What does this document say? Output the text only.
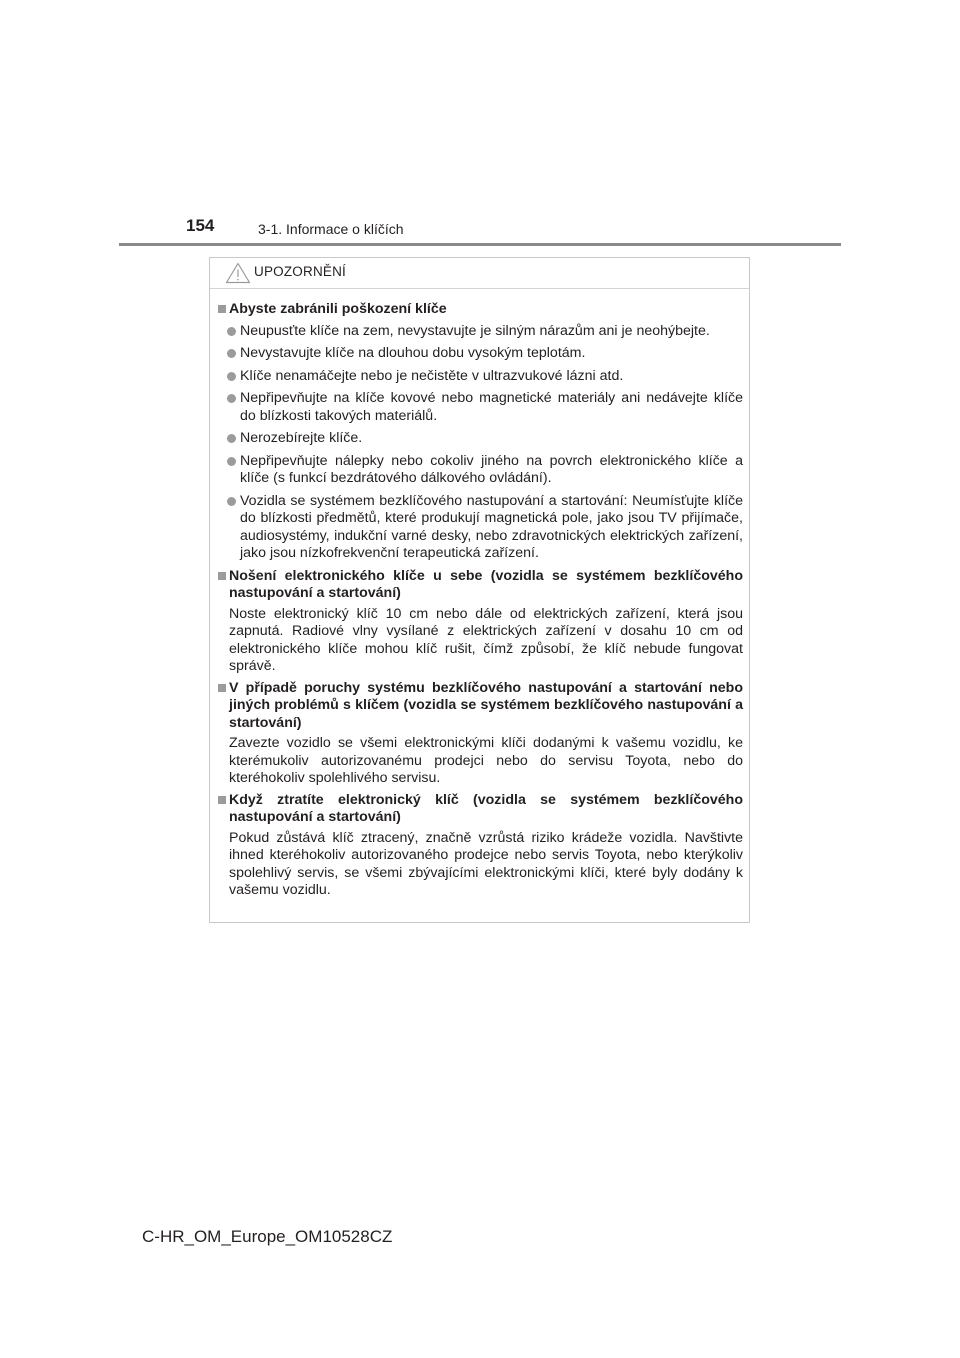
154	3-1. Informace o klíčích
UPOZORNĚNÍ
Abyste zabránili poškození klíče
Neupusťte klíče na zem, nevystavujte je silným nárazům ani je neohýbejte.
Nevystavujte klíče na dlouhou dobu vysokým teplotám.
Klíče nenamáčejte nebo je nečistěte v ultrazvukové lázni atd.
Nepřipevňujte na klíče kovové nebo magnetické materiály ani nedávejte klíče do blízkosti takových materiálů.
Nerozebírejte klíče.
Nepřipevňujte nálepky nebo cokoliv jiného na povrch elektronického klíče a klíče (s funkcí bezdrátového dálkového ovládání).
Vozidla se systémem bezklíčového nastupování a startování: Neumísťujte klíče do blízkosti předmětů, které produkují magnetická pole, jako jsou TV přijímače, audiosystémy, indukční varné desky, nebo zdravotnických elektrických zařízení, jako jsou nízkofrekvenční terapeutická zařízení.
Nošení elektronického klíče u sebe (vozidla se systémem bezklíčového nastupování a startování)
Noste elektronický klíč 10 cm nebo dále od elektrických zařízení, která jsou zapnutá. Radiové vlny vysílané z elektrických zařízení v dosahu 10 cm od elektronického klíče mohou klíč rušit, čímž způsobí, že klíč nebude fungovat správě.
V případě poruchy systému bezklíčového nastupování a startování nebo jiných problémů s klíčem (vozidla se systémem bezklíčového nastupování a startování)
Zavezte vozidlo se všemi elektronickými klíči dodanými k vašemu vozidlu, ke kterémukoliv autorizovanému prodejci nebo do servisu Toyota, nebo do kteréhokoliv spolehlivého servisu.
Když ztratíte elektronický klíč (vozidla se systémem bezklíčového nastupování a startování)
Pokud zůstává klíč ztracený, značně vzrůstá riziko krádeže vozidla. Navštivte ihned kteréhokoliv autorizovaného prodejce nebo servis Toyota, nebo kterýkoliv spolehlivý servis, se všemi zbývajícími elektronickými klíči, které byly dodány k vašemu vozidlu.
C-HR_OM_Europe_OM10528CZ
